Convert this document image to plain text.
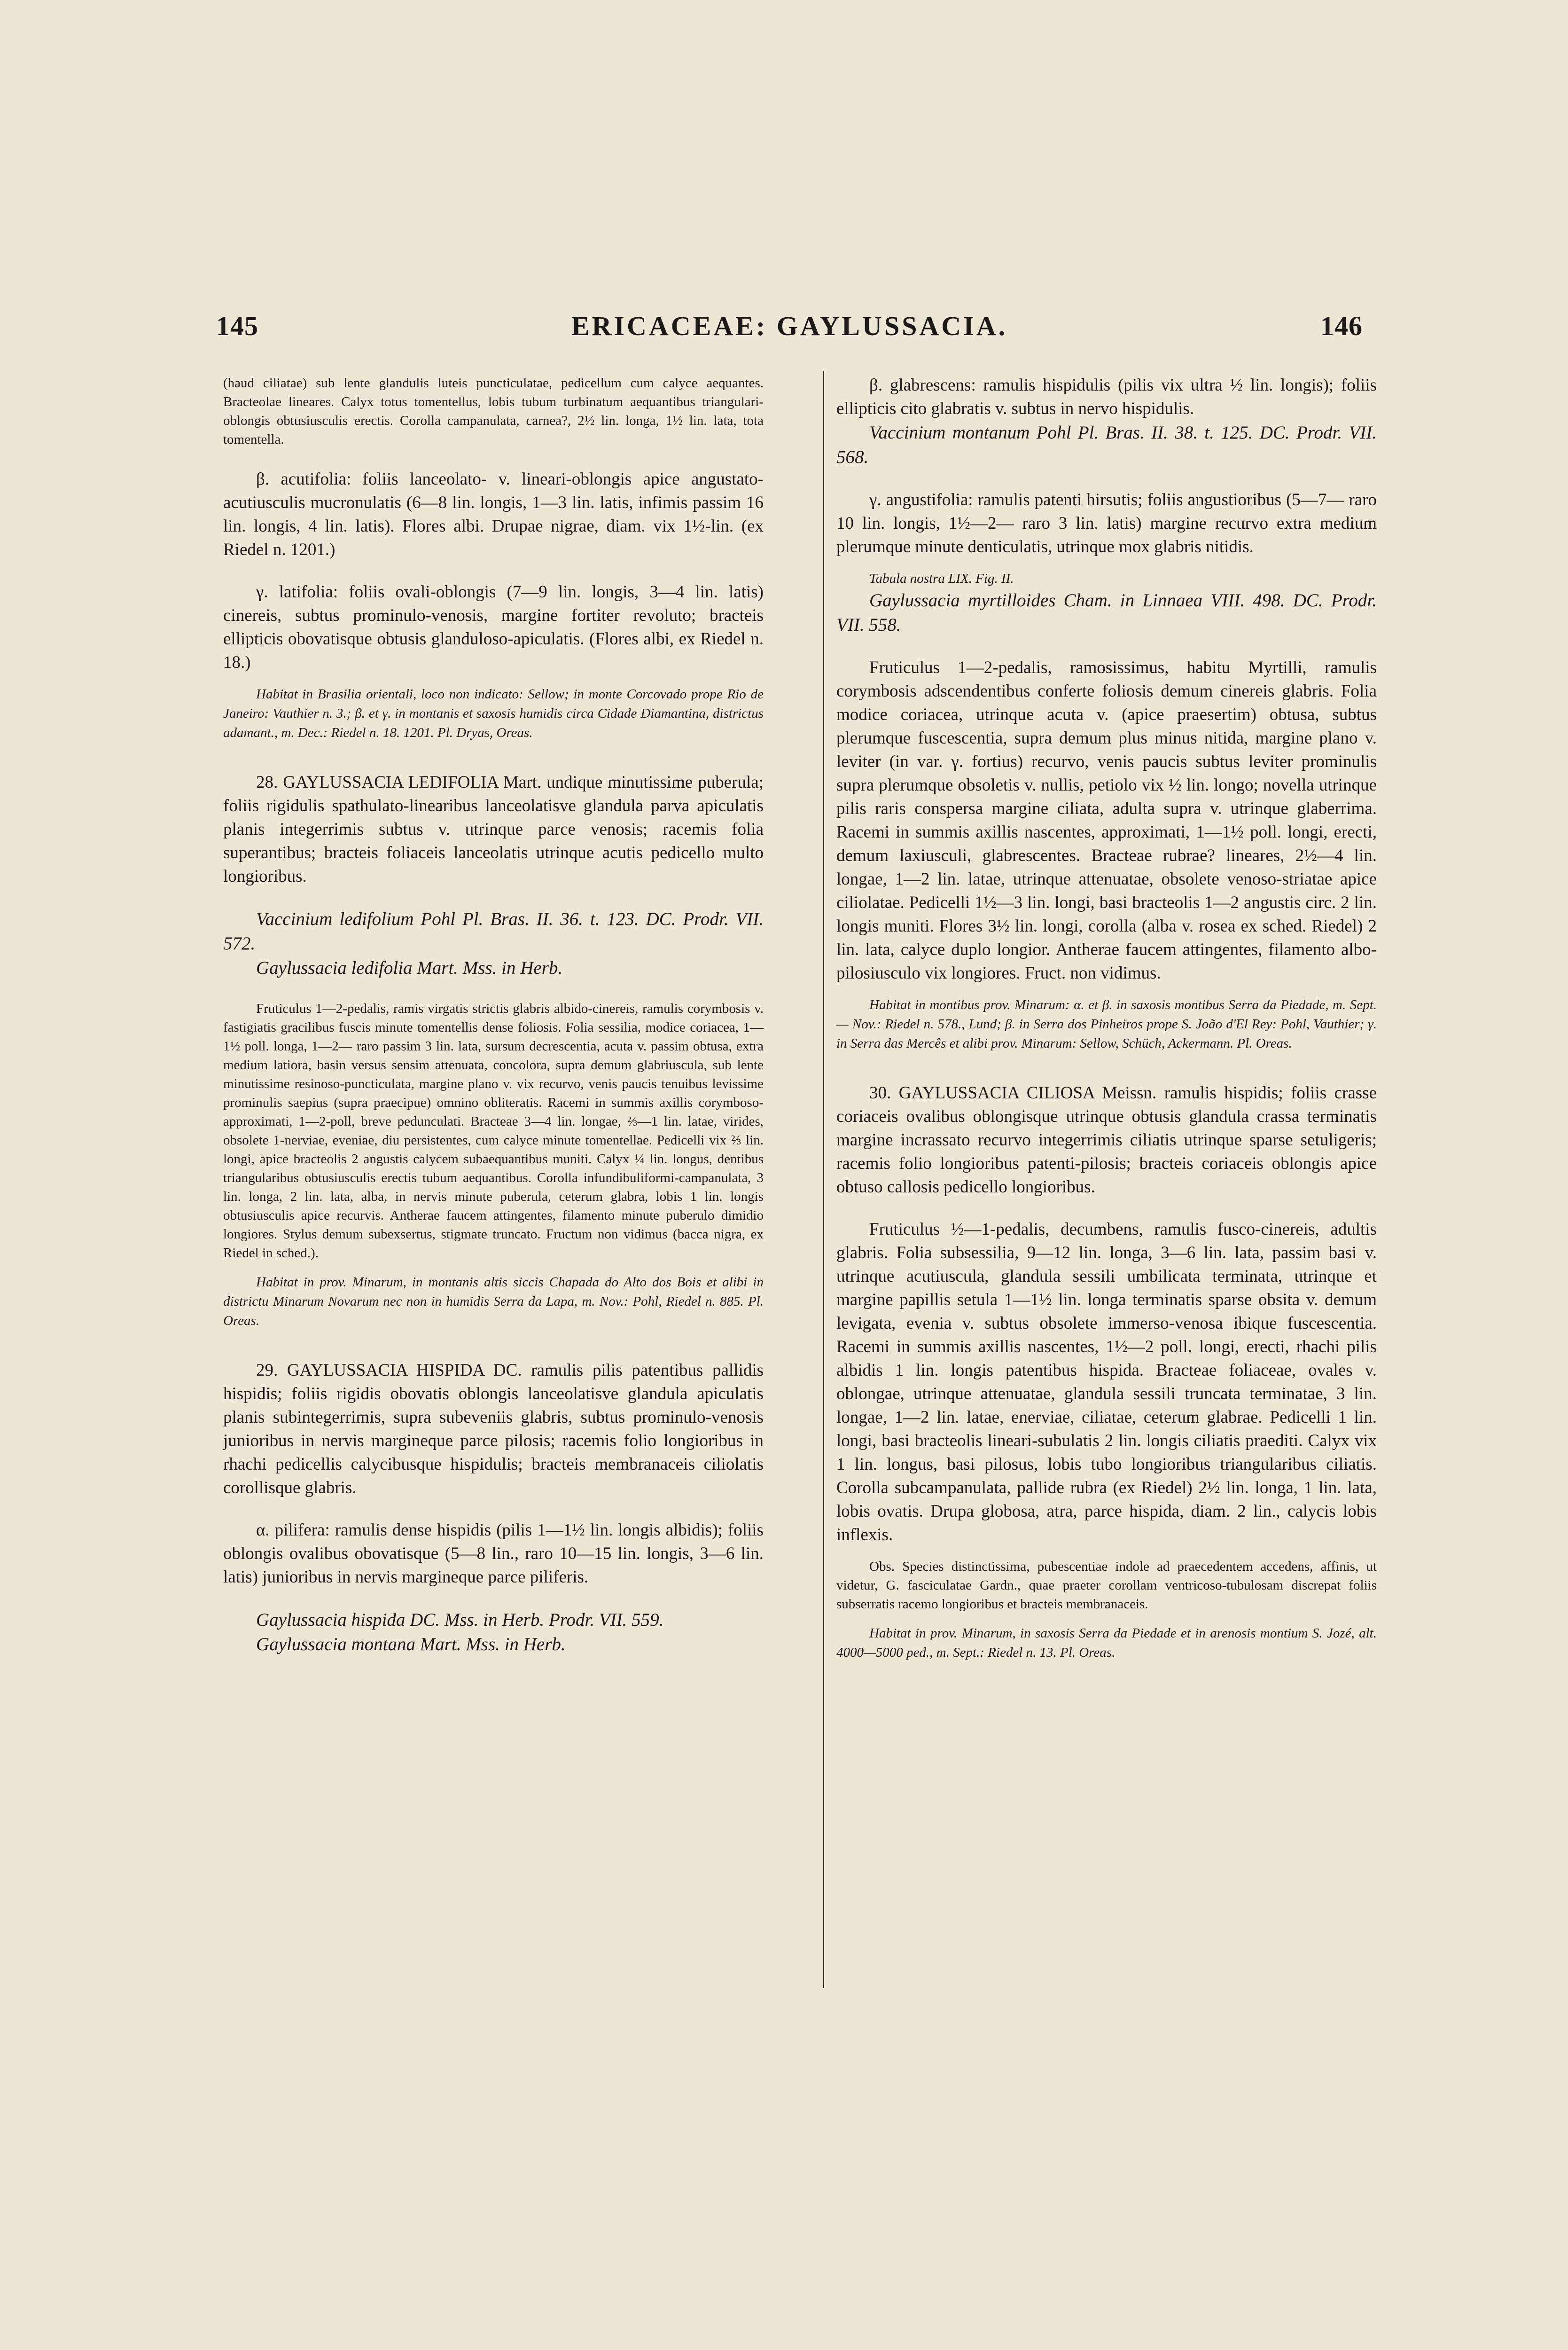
145	ERICACEAE: GAYLUSSACIA.	146

(haud ciliatae) sub lente glandulis luteis puncticulatae, pedicellum cum calyce aequantes. Bracteolae lineares. Calyx totus tomentellus, lobis tubum turbinatum aequantibus triangulari-oblongis obtusiusculis erectis. Corolla campanulata, carnea?, 2½ lin. longa, 1½ lin. lata, tota tomentella.

β. acutifolia: foliis lanceolato- v. lineari-oblongis apice angustato-acutiusculis mucronulatis (6—8 lin. longis, 1—3 lin. latis, infimis passim 16 lin. longis, 4 lin. latis). Flores albi. Drupae nigrae, diam. vix 1½-lin. (ex Riedel n. 1201.)

γ. latifolia: foliis ovali-oblongis (7—9 lin. longis, 3—4 lin. latis) cinereis, subtus prominulo-venosis, margine fortiter revoluto; bracteis ellipticis obovatisque obtusis glanduloso-apiculatis. (Flores albi, ex Riedel n. 18.)

Habitat in Brasilia orientali, loco non indicato: Sellow; in monte Corcovado prope Rio de Janeiro: Vauthier n. 3.; β. et γ. in montanis et saxosis humidis circa Cidade Diamantina, districtus adamant., m. Dec.: Riedel n. 18. 1201. Pl. Dryas, Oreas.

28. GAYLUSSACIA LEDIFOLIA Mart. undique minutissime puberula; foliis rigidulis spathulato-linearibus lanceolatisve glandula parva apiculatis planis integerrimis subtus v. utrinque parce venosis; racemis folia superantibus; bracteis foliaceis lanceolatis utrinque acutis pedicello multo longioribus.

Vaccinium ledifolium Pohl Pl. Bras. II. 36. t. 123. DC. Prodr. VII. 572.

Gaylussacia ledifolia Mart. Mss. in Herb.

Fruticulus 1—2-pedalis, ramis virgatis strictis glabris albido-cinereis, ramulis corymbosis v. fastigiatis gracilibus fuscis minute tomentellis dense foliosis. Folia sessilia, modice coriacea, 1—1½ poll. longa, 1—2— raro passim 3 lin. lata, sursum decrescentia, acuta v. passim obtusa, extra medium latiora, basin versus sensim attenuata, concolora, supra demum glabriuscula, sub lente minutissime resinoso-puncticulata, margine plano v. vix recurvo, venis paucis tenuibus levissime prominulis saepius (supra praecipue) omnino obliteratis. Racemi in summis axillis corymboso-approximati, 1—2-poll, breve pedunculati. Bracteae 3—4 lin. longae, ⅔—1 lin. latae, virides, obsolete 1-nerviae, eveniae, diu persistentes, cum calyce minute tomentellae. Pedicelli vix ⅔ lin. longi, apice bracteolis 2 angustis calycem subaequantibus muniti. Calyx ¼ lin. longus, dentibus triangularibus obtusiusculis erectis tubum aequantibus. Corolla infundibuliformi-campanulata, 3 lin. longa, 2 lin. lata, alba, in nervis minute puberula, ceterum glabra, lobis 1 lin. longis obtusiusculis apice recurvis. Antherae faucem attingentes, filamento minute puberulo dimidio longiores. Stylus demum subexsertus, stigmate truncato. Fructum non vidimus (bacca nigra, ex Riedel in sched.).

Habitat in prov. Minarum, in montanis altis siccis Chapada do Alto dos Bois et alibi in districtu Minarum Novarum nec non in humidis Serra da Lapa, m. Nov.: Pohl, Riedel n. 885. Pl. Oreas.

29. GAYLUSSACIA HISPIDA DC. ramulis pilis patentibus pallidis hispidis; foliis rigidis obovatis oblongis lanceolatisve glandula apiculatis planis subintegerrimis, supra subeveniis glabris, subtus prominulo-venosis junioribus in nervis margineque parce pilosis; racemis folio longioribus in rhachi pedicellis calycibusque hispidulis; bracteis membranaceis ciliolatis corollisque glabris.

α. pilifera: ramulis dense hispidis (pilis 1—1½ lin. longis albidis); foliis oblongis ovalibus obovatisque (5—8 lin., raro 10—15 lin. longis, 3—6 lin. latis) junioribus in nervis margineque parce piliferis.

Gaylussacia hispida DC. Mss. in Herb. Prodr. VII. 559.

Gaylussacia montana Mart. Mss. in Herb.

β. glabrescens: ramulis hispidulis (pilis vix ultra ½ lin. longis); foliis ellipticis cito glabratis v. subtus in nervo hispidulis.

Vaccinium montanum Pohl Pl. Bras. II. 38. t. 125. DC. Prodr. VII. 568.

γ. angustifolia: ramulis patenti hirsutis; foliis angustioribus (5—7— raro 10 lin. longis, 1½—2— raro 3 lin. latis) margine recurvo extra medium plerumque minute denticulatis, utrinque mox glabris nitidis.

Tabula nostra LIX. Fig. II.

Gaylussacia myrtilloides Cham. in Linnaea VIII. 498. DC. Prodr. VII. 558.

Fruticulus 1—2-pedalis, ramosissimus, habitu Myrtilli, ramulis corymbosis adscendentibus conferte foliosis demum cinereis glabris. Folia modice coriacea, utrinque acuta v. (apice praesertim) obtusa, subtus plerumque fuscescentia, supra demum plus minus nitida, margine plano v. leviter (in var. γ. fortius) recurvo, venis paucis subtus leviter prominulis supra plerumque obsoletis v. nullis, petiolo vix ½ lin. longo; novella utrinque pilis raris conspersa margine ciliata, adulta supra v. utrinque glaberrima. Racemi in summis axillis nascentes, approximati, 1—1½ poll. longi, erecti, demum laxiusculi, glabrescentes. Bracteae rubrae? lineares, 2½—4 lin. longae, 1—2 lin. latae, utrinque attenuatae, obsolete venoso-striatae apice ciliolatae. Pedicelli 1½—3 lin. longi, basi bracteolis 1—2 angustis circ. 2 lin. longis muniti. Flores 3½ lin. longi, corolla (alba v. rosea ex sched. Riedel) 2 lin. lata, calyce duplo longior. Antherae faucem attingentes, filamento albo-pilosiusculo vix longiores. Fruct. non vidimus.

Habitat in montibus prov. Minarum: α. et β. in saxosis montibus Serra da Piedade, m. Sept. — Nov.: Riedel n. 578., Lund; β. in Serra dos Pinheiros prope S. João d'El Rey: Pohl, Vauthier; γ. in Serra das Mercês et alibi prov. Minarum: Sellow, Schüch, Ackermann. Pl. Oreas.

30. GAYLUSSACIA CILIOSA Meissn. ramulis hispidis; foliis crasse coriaceis ovalibus oblongisque utrinque obtusis glandula crassa terminatis margine incrassato recurvo integerrimis ciliatis utrinque sparse setuligeris; racemis folio longioribus patenti-pilosis; bracteis coriaceis oblongis apice obtuso callosis pedicello longioribus.

Fruticulus ½—1-pedalis, decumbens, ramulis fusco-cinereis, adultis glabris. Folia subsessilia, 9—12 lin. longa, 3—6 lin. lata, passim basi v. utrinque acutiuscula, glandula sessili umbilicata terminata, utrinque et margine papillis setula 1—1½ lin. longa terminatis sparse obsita v. demum levigata, evenia v. subtus obsolete immerso-venosa ibique fuscescentia. Racemi in summis axillis nascentes, 1½—2 poll. longi, erecti, rhachi pilis albidis 1 lin. longis patentibus hispida. Bracteae foliaceae, ovales v. oblongae, utrinque attenuatae, glandula sessili truncata terminatae, 3 lin. longae, 1—2 lin. latae, enerviae, ciliatae, ceterum glabrae. Pedicelli 1 lin. longi, basi bracteolis lineari-subulatis 2 lin. longis ciliatis praediti. Calyx vix 1 lin. longus, basi pilosus, lobis tubo longioribus triangularibus ciliatis. Corolla subcampanulata, pallide rubra (ex Riedel) 2½ lin. longa, 1 lin. lata, lobis ovatis. Drupa globosa, atra, parce hispida, diam. 2 lin., calycis lobis inflexis.

Obs. Species distinctissima, pubescentiae indole ad praecedentem accedens, affinis, ut videtur, G. fasciculatae Gardn., quae praeter corollam ventricoso-tubulosam discrepat foliis subserratis racemo longioribus et bracteis membranaceis.

Habitat in prov. Minarum, in saxosis Serra da Piedade et in arenosis montium S. Jozé, alt. 4000—5000 ped., m. Sept.: Riedel n. 13. Pl. Oreas.
